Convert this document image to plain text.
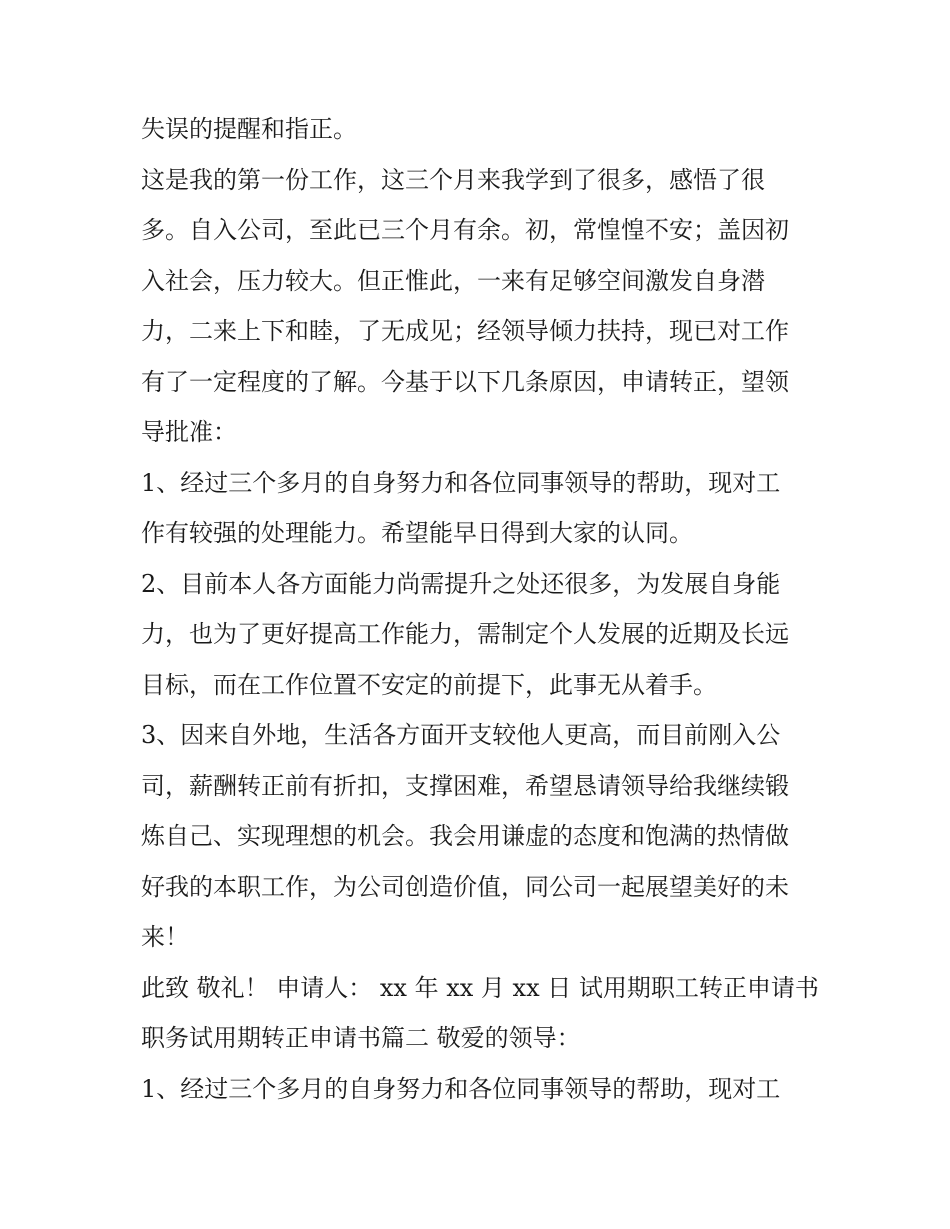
失误的提醒和指正。
这是我的第一份工作，这三个月来我学到了很多，感悟了很
多。自入公司，至此已三个月有余。初，常惶惶不安；盖因初
入社会，压力较大。但正惟此，一来有足够空间激发自身潜
力，二来上下和睦，了无成见；经领导倾力扶持，现已对工作
有了一定程度的了解。今基于以下几条原因，申请转正，望领
导批准：
1、经过三个多月的自身努力和各位同事领导的帮助，现对工
作有较强的处理能力。希望能早日得到大家的认同。
2、目前本人各方面能力尚需提升之处还很多，为发展自身能
力，也为了更好提高工作能力，需制定个人发展的近期及长远
目标，而在工作位置不安定的前提下，此事无从着手。
3、因来自外地，生活各方面开支较他人更高，而目前刚入公
司，薪酬转正前有折扣，支撑困难，希望恳请领导给我继续锻
炼自己、实现理想的机会。我会用谦虚的态度和饱满的热情做
好我的本职工作，为公司创造价值，同公司一起展望美好的未
来！
此致 敬礼！ 申请人： xx 年 xx 月 xx 日 试用期职工转正申请书
职务试用期转正申请书篇二 敬爱的领导：
1、经过三个多月的自身努力和各位同事领导的帮助，现对工
